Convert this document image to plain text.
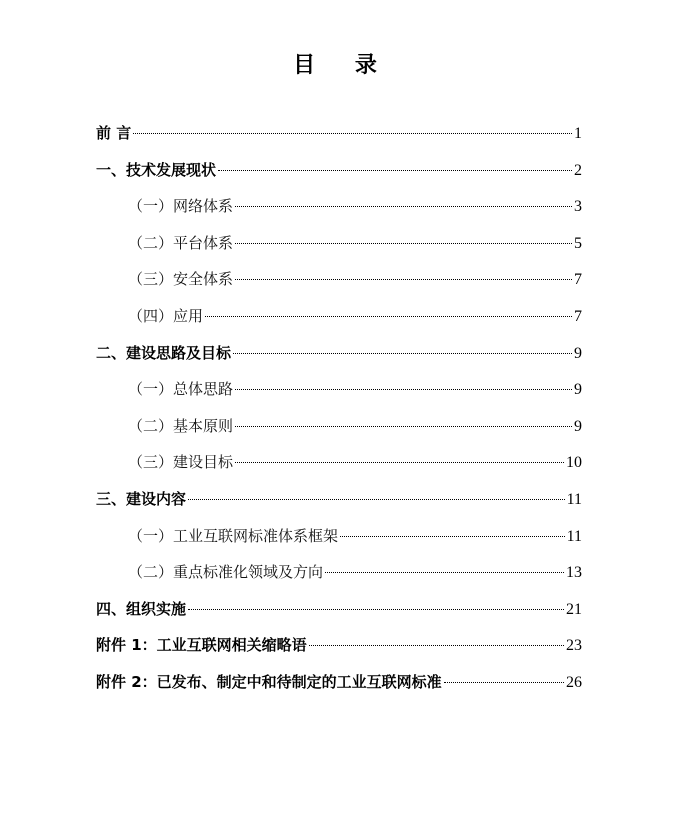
目 录
前 言	1
一、技术发展现状	2
（一）网络体系	3
（二）平台体系	5
（三）安全体系	7
（四）应用	7
二、建设思路及目标	9
（一）总体思路	9
（二）基本原则	9
（三）建设目标	10
三、建设内容	11
（一）工业互联网标准体系框架	11
（二）重点标准化领域及方向	13
四、组织实施	21
附件 1：工业互联网相关缩略语	23
附件 2：已发布、制定中和待制定的工业互联网标准	26
